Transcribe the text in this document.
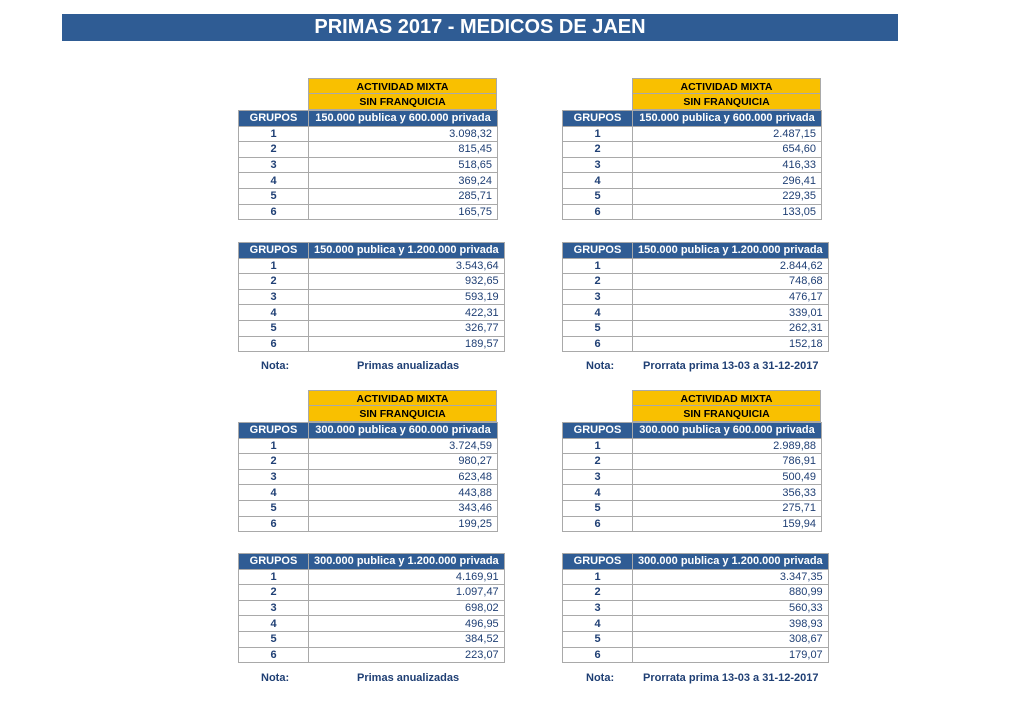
PRIMAS 2017 - MEDICOS DE JAEN
ACTIVIDAD MIXTA
SIN FRANQUICIA
GRUPOS	150.000 publica y 600.000 privada
1	3.098,32
2	815,45
3	518,65
4	369,24
5	285,71
6	165,75
ACTIVIDAD MIXTA
SIN FRANQUICIA
GRUPOS	150.000 publica y 600.000 privada
1	2.487,15
2	654,60
3	416,33
4	296,41
5	229,35
6	133,05
GRUPOS	150.000 publica y 1.200.000 privada
1	3.543,64
2	932,65
3	593,19
4	422,31
5	326,77
6	189,57
GRUPOS	150.000 publica y 1.200.000 privada
1	2.844,62
2	748,68
3	476,17
4	339,01
5	262,31
6	152,18
Nota:	Primas anualizadas	Nota:	Prorrata prima 13-03 a 31-12-2017
ACTIVIDAD MIXTA
SIN FRANQUICIA
GRUPOS	300.000 publica y 600.000 privada
1	3.724,59
2	980,27
3	623,48
4	443,88
5	343,46
6	199,25
ACTIVIDAD MIXTA
SIN FRANQUICIA
GRUPOS	300.000 publica y 600.000 privada
1	2.989,88
2	786,91
3	500,49
4	356,33
5	275,71
6	159,94
GRUPOS	300.000 publica y 1.200.000 privada
1	4.169,91
2	1.097,47
3	698,02
4	496,95
5	384,52
6	223,07
GRUPOS	300.000 publica y 1.200.000 privada
1	3.347,35
2	880,99
3	560,33
4	398,93
5	308,67
6	179,07
Nota:	Primas anualizadas	Nota:	Prorrata prima 13-03 a 31-12-2017
